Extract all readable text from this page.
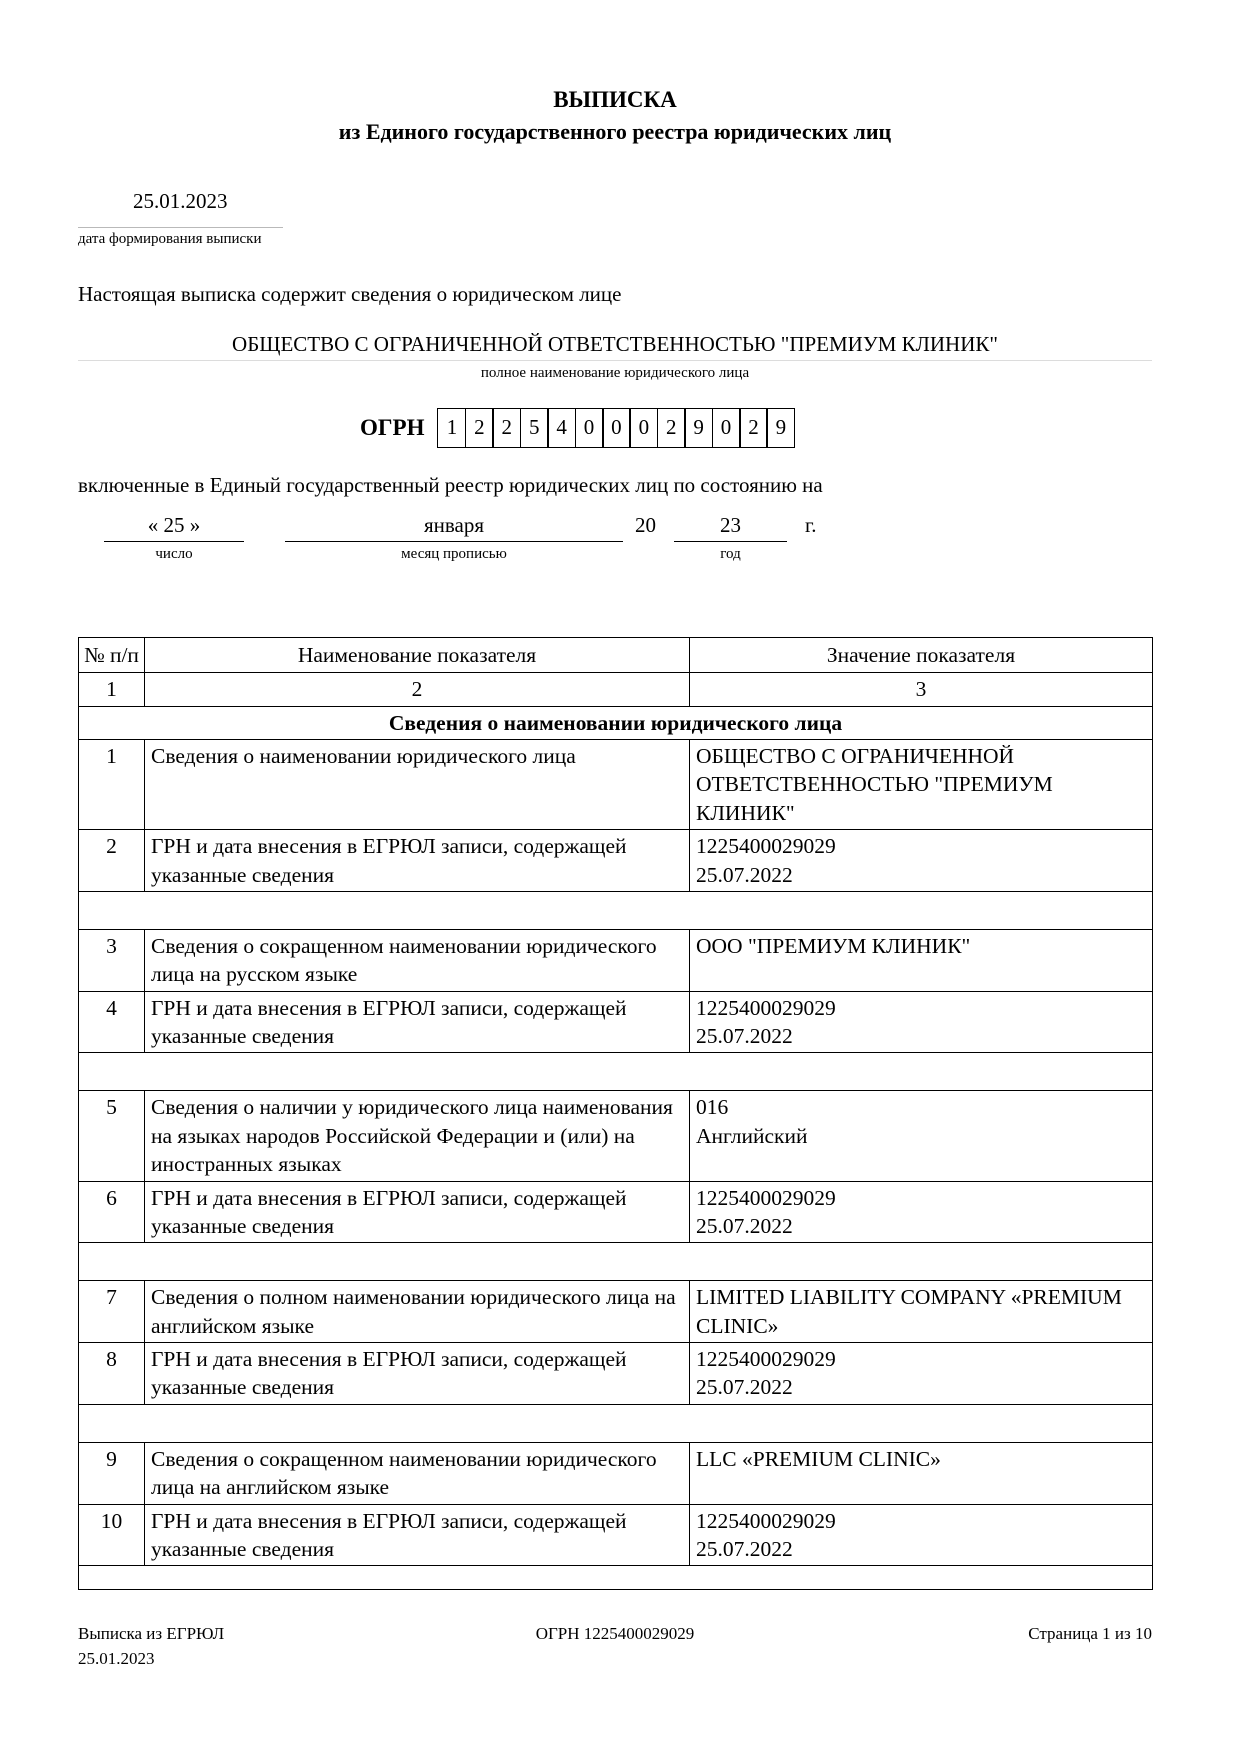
ВЫПИСКА
из Единого государственного реестра юридических лиц
25.01.2023
дата формирования выписки
Настоящая выписка содержит сведения о юридическом лице
ОБЩЕСТВО С ОГРАНИЧЕННОЙ ОТВЕТСТВЕННОСТЬЮ "ПРЕМИУМ КЛИНИК"
полное наименование юридического лица
ОГРН	1 2 2 5 4 0 0 0 2 9 0 2 9
включенные в Единый государственный реестр юридических лиц по состоянию на
« 25 »
число
января
месяц прописью
20	23
год
г.
№ п/п	Наименование показателя	Значение показателя
1	2	3
Сведения о наименовании юридического лица		
1	Сведения о наименовании юридического лица	ОБЩЕСТВО С ОГРАНИЧЕННОЙ ОТВЕТСТВЕННОСТЬЮ "ПРЕМИУМ КЛИНИК"

2	ГРН и дата внесения в ЕГРЮЛ записи, содержащей указанные сведения	1225400029029
25.07.2022

3	Сведения о сокращенном наименовании юридического лица на русском языке	ООО "ПРЕМИУМ КЛИНИК"

4	ГРН и дата внесения в ЕГРЮЛ записи, содержащей указанные сведения	1225400029029
25.07.2022

5	Сведения о наличии у юридического лица наименования на языках народов Российской Федерации и (или) на иностранных языках	016
Английский

6	ГРН и дата внесения в ЕГРЮЛ записи, содержащей указанные сведения	1225400029029
25.07.2022

7	Сведения о полном наименовании юридического лица на английском языке	LIMITED LIABILITY COMPANY «PREMIUM CLINIC»

8	ГРН и дата внесения в ЕГРЮЛ записи, содержащей указанные сведения	1225400029029
25.07.2022

9	Сведения о сокращенном наименовании юридического лица на английском языке	LLC «PREMIUM CLINIC»

10	ГРН и дата внесения в ЕГРЮЛ записи, содержащей указанные сведения	1225400029029
25.07.2022

Выписка из ЕГРЮЛ
25.01.2023
ОГРН 1225400029029	Страница 1 из 10
